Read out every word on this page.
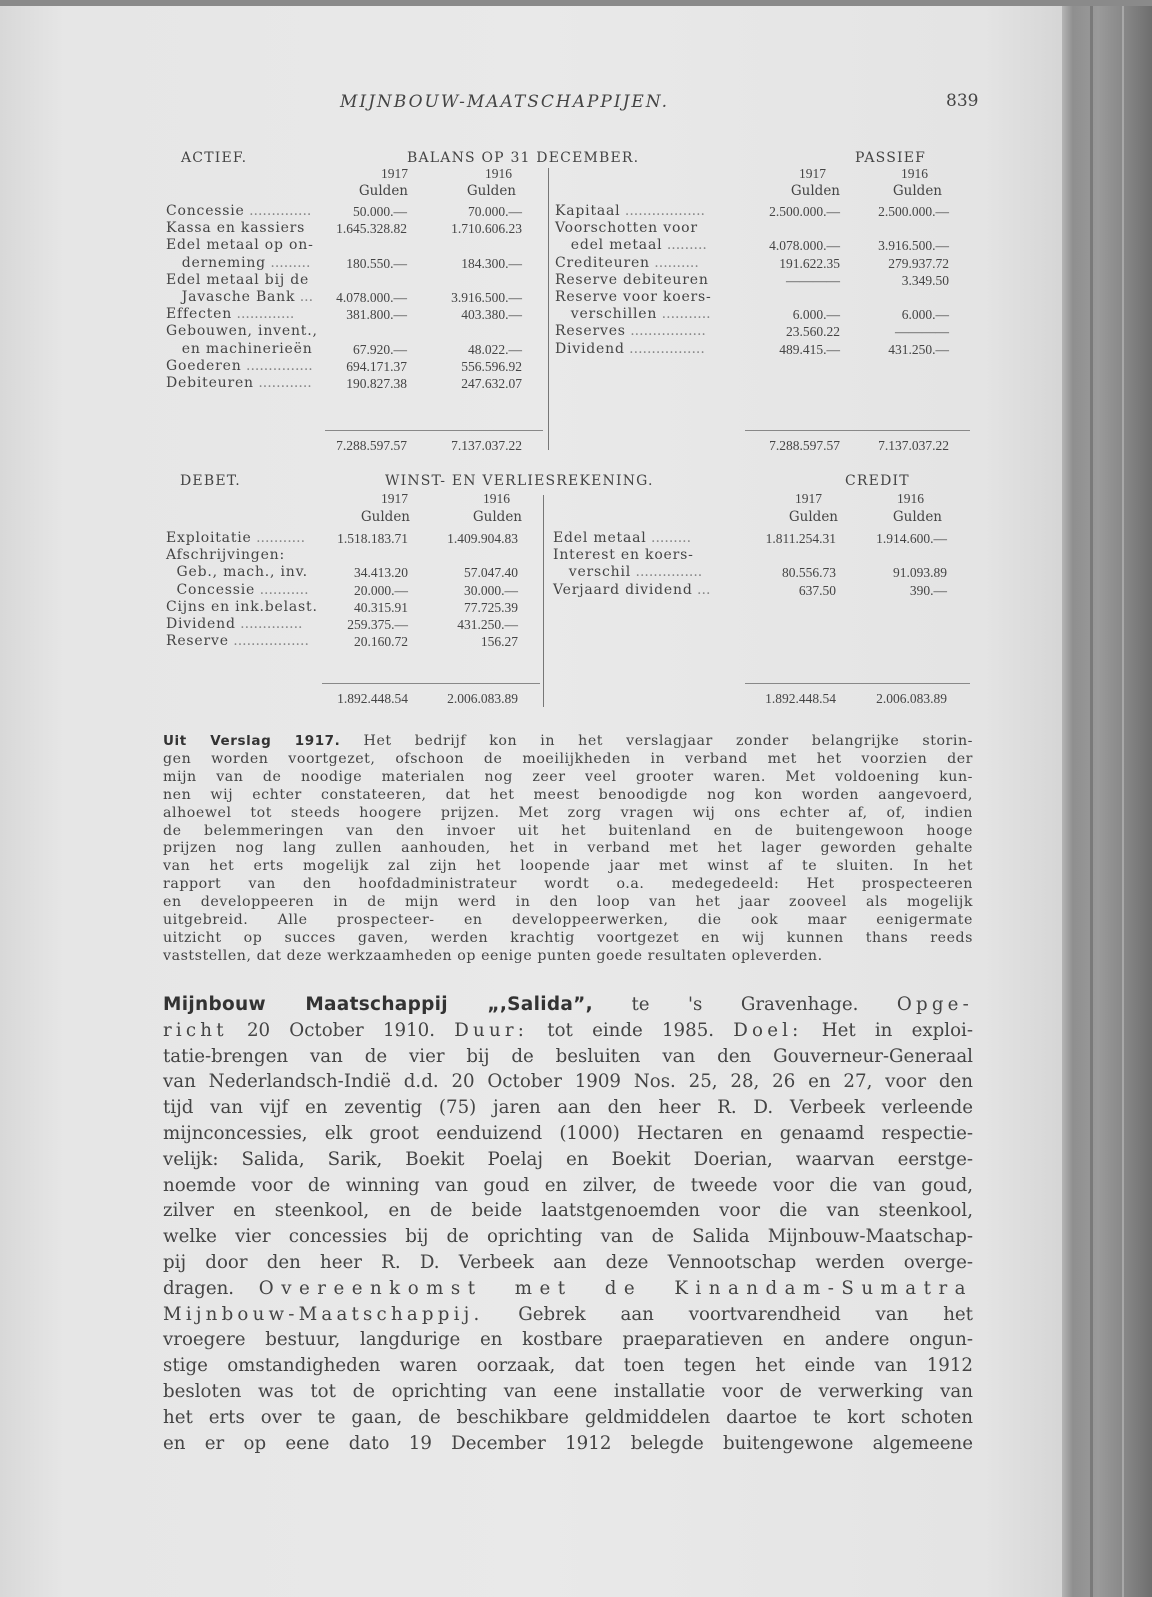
MIJNBOUW-MAATSCHAPPIJEN.	839
ACTIEF.	BALANS OP 31 DECEMBER.	PASSIEF
1917	1916
Gulden	Gulden
1917	1916
Gulden	Gulden
Concessie ..............	50.000.—	70.000.—
Kassa en kassiers 1.645.328.82	1.710.606.23
Edel metaal op on-
derneming .........	180.550.—	184.300.—
Edel metaal bij de
Javasche Bank ... 4.078.000.—	3.916.500.—
Effecten .............	381.800.—	403.380.—
Gebouwen, invent.,
en machinerieën	67.920.—	48.022.—
Goederen ............... 694.171.37	556.596.92
Debiteuren ............	190.827.38	247.632.07
7.288.597.57	7.137.037.22
Kapitaal ..................	2.500.000.—	2.500.000.—
Voorschotten voor
edel metaal .........	4.078.000.—	3.916.500.—
Crediteuren ..........	191.622.35	279.937.72
Reserve debiteuren	————	3.349.50
Reserve voor koers-
verschillen ...........	6.000.—	6.000.—
Reserves .................	23.560.22	————
Dividend .................	489.415.—	431.250.—
7.288.597.57	7.137.037.22
DEBET.	WINST- EN VERLIESREKENING.	CREDIT
1917	1916
Gulden	Gulden
1917	1916
Gulden	Gulden
Exploitatie ........... 1.518.183.71	1.409.904.83
Afschrijvingen:
Geb., mach., inv.	34.413.20	57.047.40
Concessie ...........	20.000.—	30.000.—
Cijns en ink.belast.	40.315.91	77.725.39
Dividend ..............	259.375.—	431.250.—
Reserve .................	20.160.72	156.27
1.892.448.54	2.006.083.89
Edel metaal .........	1.811.254.31	1.914.600.—
Interest en koers-
verschil ...............	80.556.73	91.093.89
Verjaard dividend ...	637.50	390.—
1.892.448.54	2.006.083.89
Uit Verslag 1917. Het bedrijf kon in het verslagjaar zonder belangrijke storin-
gen worden voortgezet, ofschoon de moeilijkheden in verband met het voorzien der
mijn van de noodige materialen nog zeer veel grooter waren. Met voldoening kun-
nen wij echter constateeren, dat het meest benoodigde nog kon worden aangevoerd,
alhoewel tot steeds hoogere prijzen. Met zorg vragen wij ons echter af, of, indien
de belemmeringen van den invoer uit het buitenland en de buitengewoon hooge
prijzen nog lang zullen aanhouden, het in verband met het lager geworden gehalte
van het erts mogelijk zal zijn het loopende jaar met winst af te sluiten. In het
rapport van den hoofdadministrateur wordt o.a. medegedeeld: Het prospecteeren
en developpeeren in de mijn werd in den loop van het jaar zooveel als mogelijk
uitgebreid. Alle prospecteer- en developpeerwerken, die ook maar eenigermate
uitzicht op succes gaven, werden krachtig voortgezet en wij kunnen thans reeds
vaststellen, dat deze werkzaamheden op eenige punten goede resultaten opleverden.
Mijnbouw Maatschappij „,Salida”, te 's Gravenhage. Opge-
richt 20 October 1910. Duur: tot einde 1985. Doel: Het in exploi-
tatie-brengen van de vier bij de besluiten van den Gouverneur-Generaal
van Nederlandsch-Indië d.d. 20 October 1909 Nos. 25, 28, 26 en 27, voor den
tijd van vijf en zeventig (75) jaren aan den heer R. D. Verbeek verleende
mijnconcessies, elk groot eenduizend (1000) Hectaren en genaamd respectie-
velijk: Salida, Sarik, Boekit Poelaj en Boekit Doerian, waarvan eerstge-
noemde voor de winning van goud en zilver, de tweede voor die van goud,
zilver en steenkool, en de beide laatstgenoemden voor die van steenkool,
welke vier concessies bij de oprichting van de Salida Mijnbouw-Maatschap-
pij door den heer R. D. Verbeek aan deze Vennootschap werden overge-
dragen. Overeenkomst met de Kinandam-Sumatra
Mijnbouw-Maatschappij. Gebrek aan voortvarendheid van het
vroegere bestuur, langdurige en kostbare praeparatieven en andere ongun-
stige omstandigheden waren oorzaak, dat toen tegen het einde van 1912
besloten was tot de oprichting van eene installatie voor de verwerking van
het erts over te gaan, de beschikbare geldmiddelen daartoe te kort schoten
en er op eene dato 19 December 1912 belegde buitengewone algemeene
